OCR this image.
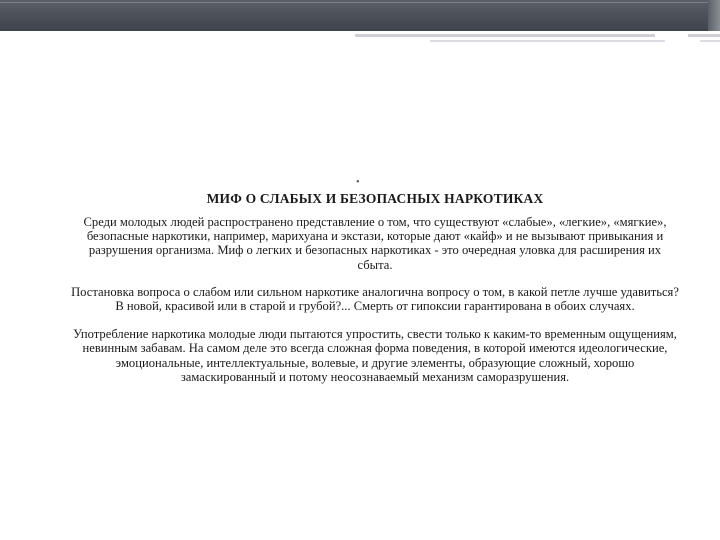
•
МИФ О СЛАБЫХ И БЕЗОПАСНЫХ НАРКОТИКАХ
Среди молодых людей распространено представление о том, что существуют «слабые», «легкие», «мягкие», безопасные наркотики, например, марихуана и экстази, которые дают «кайф» и не вызывают привыкания и разрушения организма. Миф о легких и безопасных наркотиках - это очередная уловка для расширения их сбыта.
Постановка вопроса о слабом или сильном наркотике аналогична вопросу о том, в какой петле лучше удавиться? В новой, красивой или в старой и грубой?... Смерть от гипоксии гарантирована в обоих случаях.
Употребление наркотика молодые люди пытаются упростить, свести только к каким-то временным ощущениям, невинным забавам. На самом деле это всегда сложная форма поведения, в которой имеются идеологические, эмоциональные, интеллектуальные, волевые, и другие элементы, образующие сложный, хорошо замаскированный и потому неосознаваемый механизм саморазрушения.
